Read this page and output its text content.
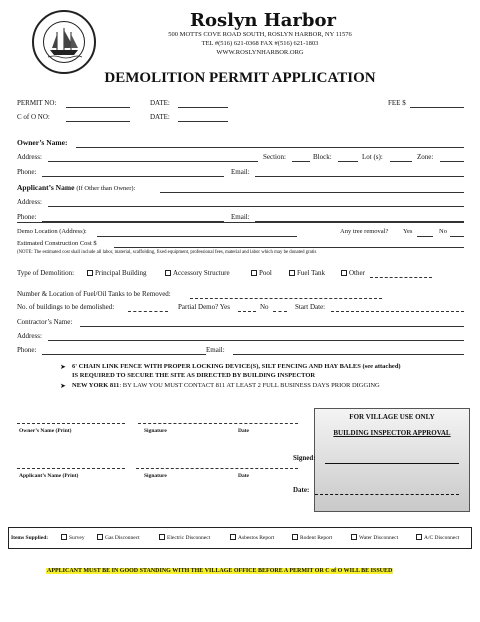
Roslyn Harbor
500 MOTTS COVE ROAD SOUTH, ROSLYN HARBOR, NY 11576
TEL #(516) 621-0368 FAX #(516) 621-1803
WWW.ROSLYNHARBOR.ORG
DEMOLITION PERMIT APPLICATION
PERMIT NO:	DATE:	FEE $
C of O NO:	DATE:
Owner’s Name:
Address:	Section:	Block:	Lot (s):	Zone:
Phone:	Email:
Applicant’s Name (If Other than Owner):
Address:
Phone:	Email:
Demo Location (Address):	Any tree removal? Yes	No
Estimated Construction Cost $
(NOTE: The estimated cost shall include all labor, material, scaffolding, fixed equipment, professional fees, material and labor which may be donated gratis
Type of Demolition:	Principal Building	Accessory Structure	Pool	Fuel Tank	Other
Number & Location of Fuel/Oil Tanks to be Removed:
No. of buildings to be demolished:	Partial Demo? Yes	No	Start Date:
Contractor’s Name:
Address:
Phone:	Email:
➤ 6' CHAIN LINK FENCE WITH PROPER LOCKING DEVICE(S), SILT FENCING AND HAY BALES (see attached)
IS REQUIRED TO SECURE THE SITE AS DIRECTED BY BUILDING INSPECTOR
➤ NEW YORK 811: BY LAW YOU MUST CONTACT 811 AT LEAST 2 FULL BUSINESS DAYS PRIOR DIGGING
Owner’s Name (Print)	Signature	Date
Applicant’s Name (Print)	Signature	Date
FOR VILLAGE USE ONLY
BUILDING INSPECTOR APPROVAL
Signed:
Date:
Items Supplied:	Survey	Gas Disconnect	Electric Disconnect	Asbestos Report	Rodent Report	Water Disconnect	A/C Disconnect
APPLICANT MUST BE IN GOOD STANDING WITH THE VILLAGE OFFICE BEFORE A PERMIT OR C of O WILL BE ISSUED
